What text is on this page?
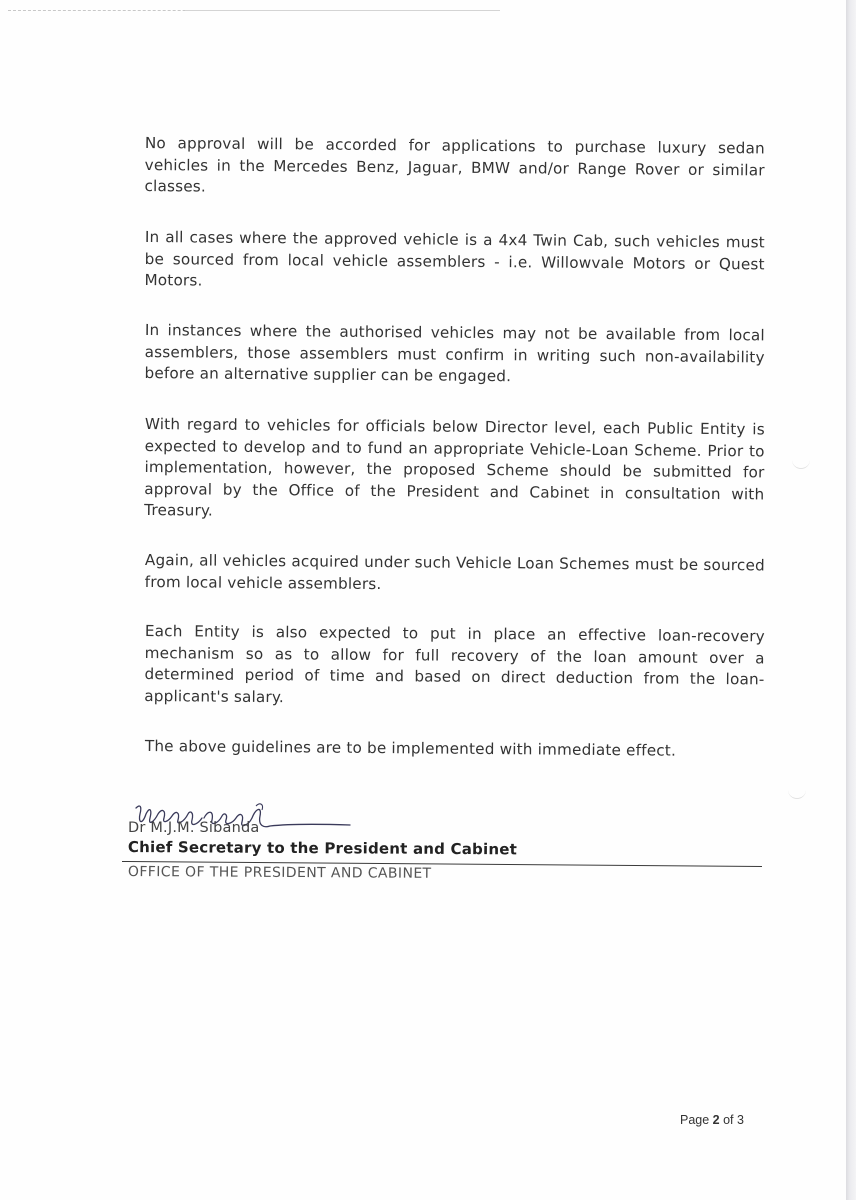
No approval will be accorded for applications to purchase luxury sedan vehicles in the Mercedes Benz, Jaguar, BMW and/or Range Rover or similar classes.

In all cases where the approved vehicle is a 4x4 Twin Cab, such vehicles must be sourced from local vehicle assemblers - i.e. Willowvale Motors or Quest Motors.

In instances where the authorised vehicles may not be available from local assemblers, those assemblers must confirm in writing such non-availability before an alternative supplier can be engaged.

With regard to vehicles for officials below Director level, each Public Entity is expected to develop and to fund an appropriate Vehicle-Loan Scheme. Prior to implementation, however, the proposed Scheme should be submitted for approval by the Office of the President and Cabinet in consultation with Treasury.

Again, all vehicles acquired under such Vehicle Loan Schemes must be sourced from local vehicle assemblers.

Each Entity is also expected to put in place an effective loan-recovery mechanism so as to allow for full recovery of the loan amount over a determined period of time and based on direct deduction from the loan-applicant's salary.

The above guidelines are to be implemented with immediate effect.

Dr M.J.M. Sibanda
Chief Secretary to the President and Cabinet
OFFICE OF THE PRESIDENT AND CABINET
Page 2 of 3
